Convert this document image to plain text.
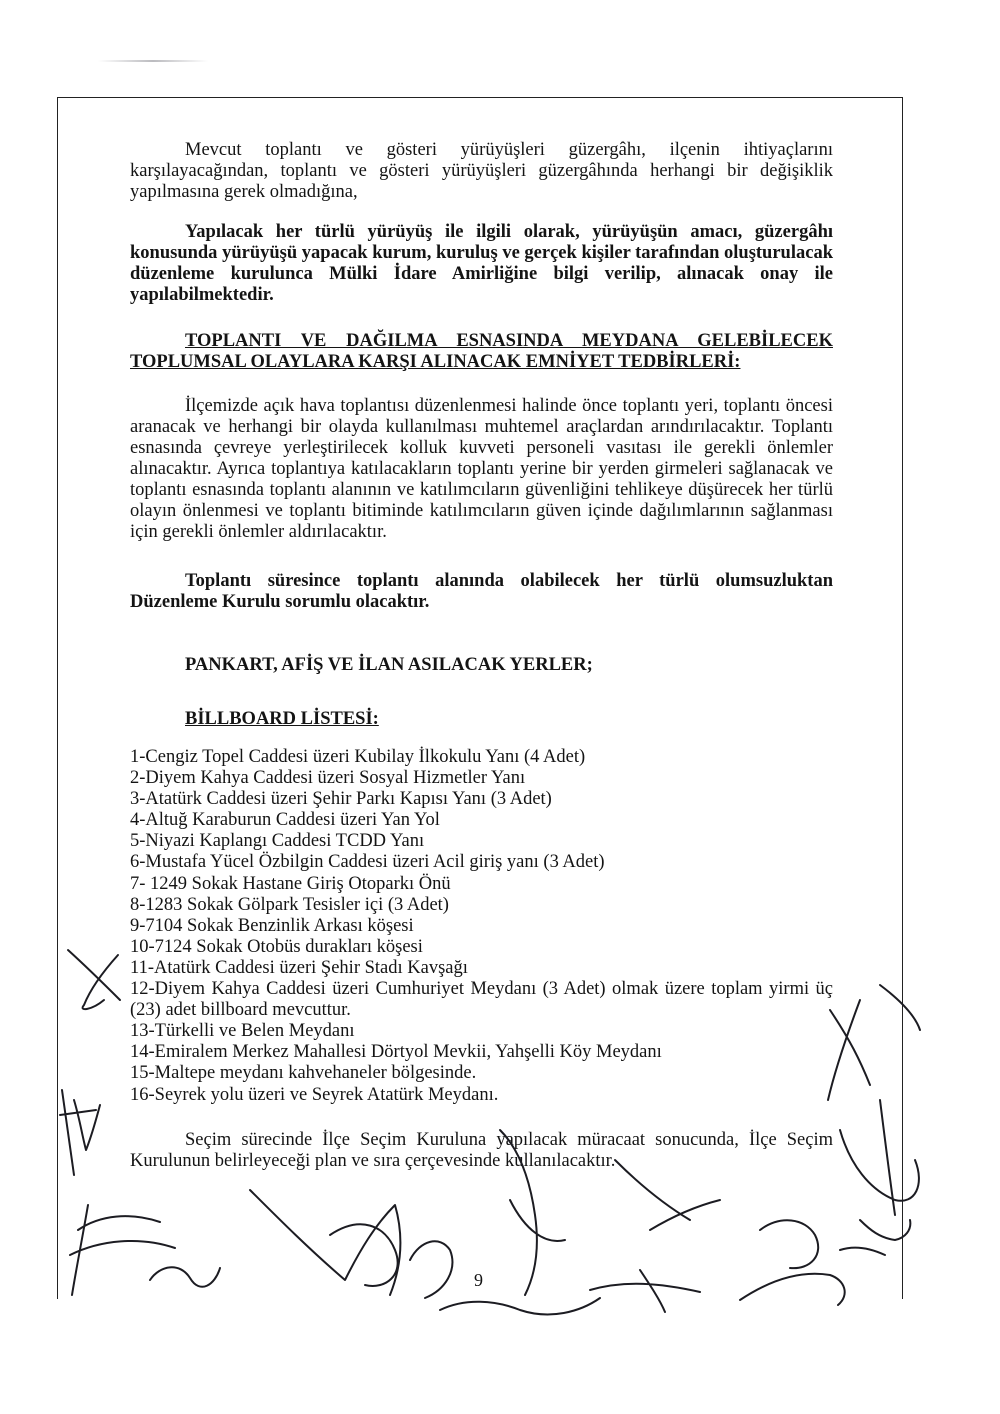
Mevcut toplantı ve gösteri yürüyüşleri güzergâhı, ilçenin ihtiyaçlarını karşılayacağından, toplantı ve gösteri yürüyüşleri güzergâhında herhangi bir değişiklik yapılmasına gerek olmadığına,

Yapılacak her türlü yürüyüş ile ilgili olarak, yürüyüşün amacı, güzergâhı konusunda yürüyüşü yapacak kurum, kuruluş ve gerçek kişiler tarafından oluşturulacak düzenleme kurulunca Mülki İdare Amirliğine bilgi verilip, alınacak onay ile yapılabilmektedir.

TOPLANTI VE DAĞILMA ESNASINDA MEYDANA GELEBİLECEK TOPLUMSAL OLAYLARA KARŞI ALINACAK EMNİYET TEDBİRLERİ:

İlçemizde açık hava toplantısı düzenlenmesi halinde önce toplantı yeri, toplantı öncesi aranacak ve herhangi bir olayda kullanılması muhtemel araçlardan arındırılacaktır. Toplantı esnasında çevreye yerleştirilecek kolluk kuvveti personeli vasıtası ile gerekli önlemler alınacaktır. Ayrıca toplantıya katılacakların toplantı yerine bir yerden girmeleri sağlanacak ve toplantı esnasında toplantı alanının ve katılımcıların güvenliğini tehlikeye düşürecek her türlü olayın önlenmesi ve toplantı bitiminde katılımcıların güven içinde dağılımlarının sağlanması için gerekli önlemler aldırılacaktır.

Toplantı süresince toplantı alanında olabilecek her türlü olumsuzluktan Düzenleme Kurulu sorumlu olacaktır.

PANKART, AFİŞ VE İLAN ASILACAK YERLER;

BİLLBOARD LİSTESİ:

1-Cengiz Topel Caddesi üzeri Kubilay İlkokulu Yanı (4 Adet)
2-Diyem Kahya Caddesi üzeri Sosyal Hizmetler Yanı
3-Atatürk Caddesi üzeri Şehir Parkı Kapısı Yanı (3 Adet)
4-Altuğ Karaburun Caddesi üzeri Yan Yol
5-Niyazi Kaplangı Caddesi TCDD Yanı
6-Mustafa Yücel Özbilgin Caddesi üzeri Acil giriş yanı (3 Adet)
7- 1249 Sokak Hastane Giriş Otoparkı Önü
8-1283 Sokak Gölpark Tesisler içi (3 Adet)
9-7104 Sokak Benzinlik Arkası köşesi
10-7124 Sokak Otobüs durakları köşesi
11-Atatürk Caddesi üzeri Şehir Stadı Kavşağı
12-Diyem Kahya Caddesi üzeri Cumhuriyet Meydanı (3 Adet) olmak üzere toplam yirmi üç (23) adet billboard mevcuttur.
13-Türkelli ve Belen Meydanı
14-Emiralem Merkez Mahallesi Dörtyol Mevkii, Yahşelli Köy Meydanı
15-Maltepe meydanı kahvehaneler bölgesinde.
16-Seyrek yolu üzeri ve Seyrek Atatürk Meydanı.

Seçim sürecinde İlçe Seçim Kuruluna yapılacak müracaat sonucunda, İlçe Seçim Kurulunun belirleyeceği plan ve sıra çerçevesinde kullanılacaktır.

9
